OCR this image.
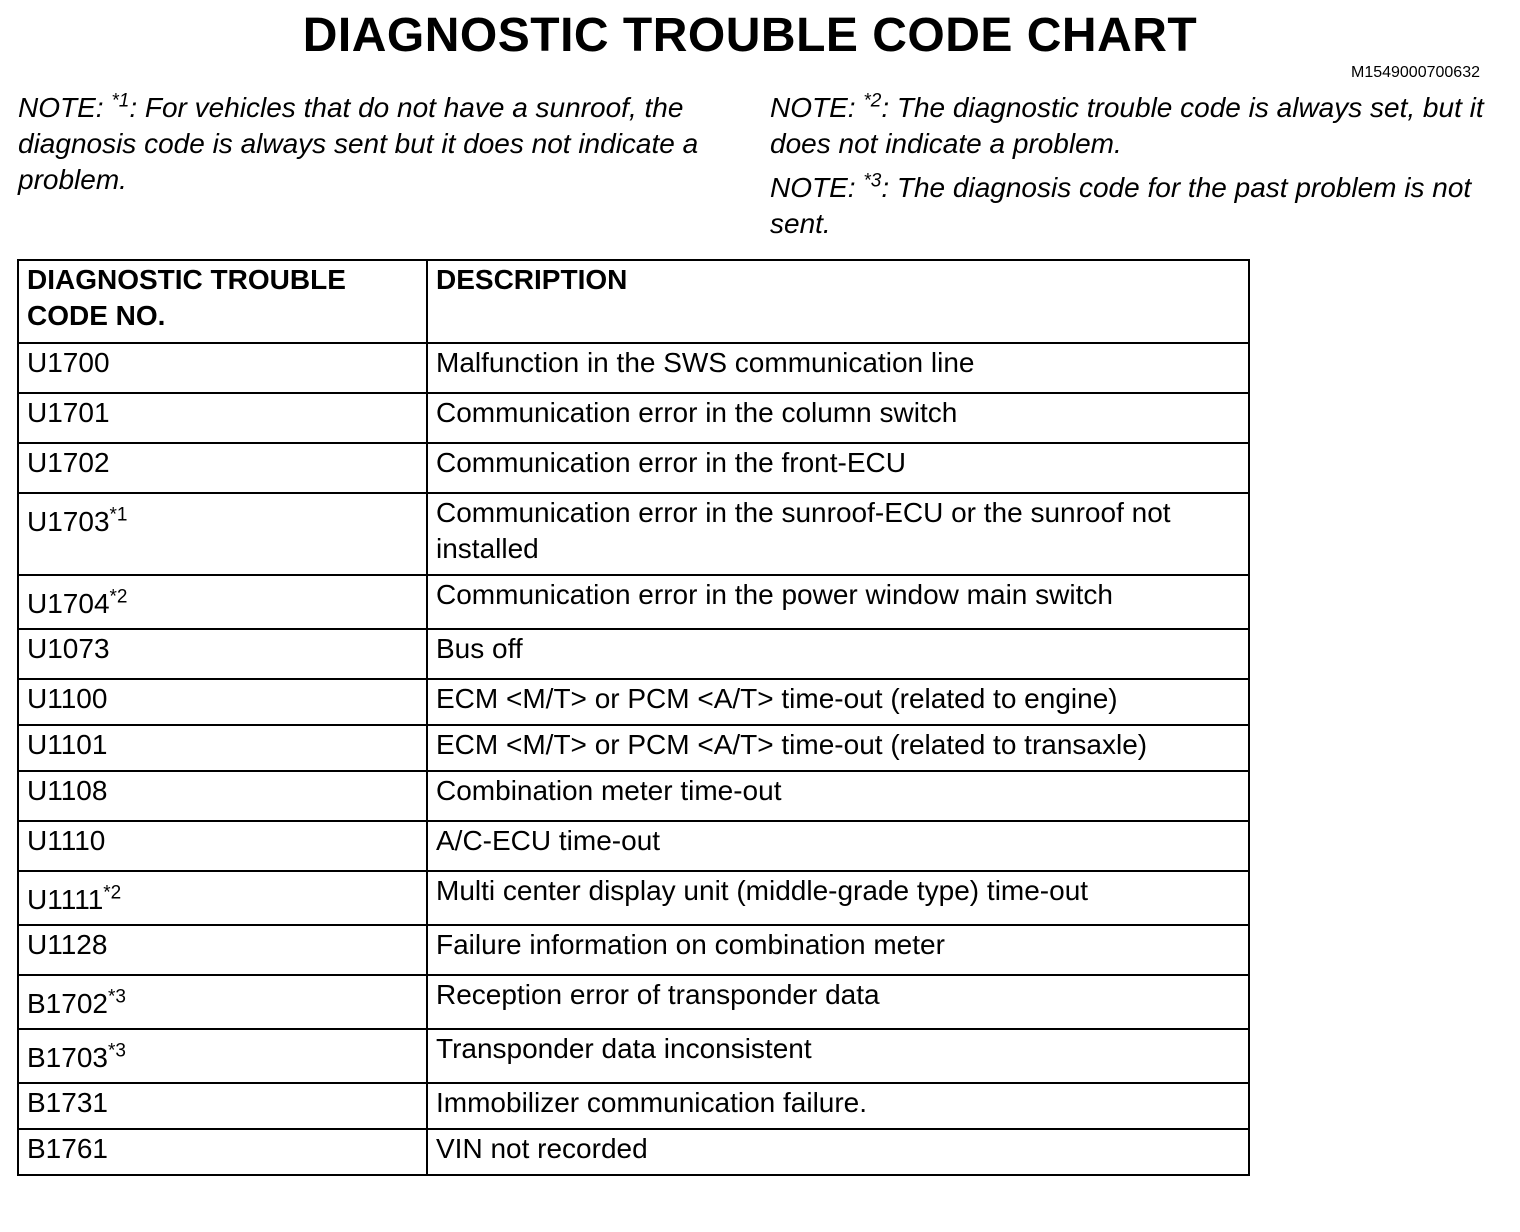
DIAGNOSTIC TROUBLE CODE CHART
M1549000700632
NOTE: $^{*1}$: For vehicles that do not have a sunroof, the diagnosis code is always sent but it does not indicate a problem.
NOTE: $^{*2}$: The diagnostic trouble code is always set, but it does not indicate a problem.
NOTE: $^{*3}$: The diagnosis code for the past problem is not sent.
DIAGNOSTIC TROUBLE CODE NO.	DESCRIPTION
U1700	Malfunction in the SWS communication line
U1701	Communication error in the column switch
U1702	Communication error in the front-ECU
U1703$^{*1}$	Communication error in the sunroof-ECU or the sunroof not installed
U1704$^{*2}$	Communication error in the power window main switch
U1073	Bus off
U1100	ECM <M/T> or PCM <A/T> time-out (related to engine)
U1101	ECM <M/T> or PCM <A/T> time-out (related to transaxle)
U1108	Combination meter time-out
U1110	A/C-ECU time-out
U1111$^{*2}$	Multi center display unit (middle-grade type) time-out
U1128	Failure information on combination meter
B1702$^{*3}$	Reception error of transponder data
B1703$^{*3}$	Transponder data inconsistent
B1731	Immobilizer communication failure.
B1761	VIN not recorded
